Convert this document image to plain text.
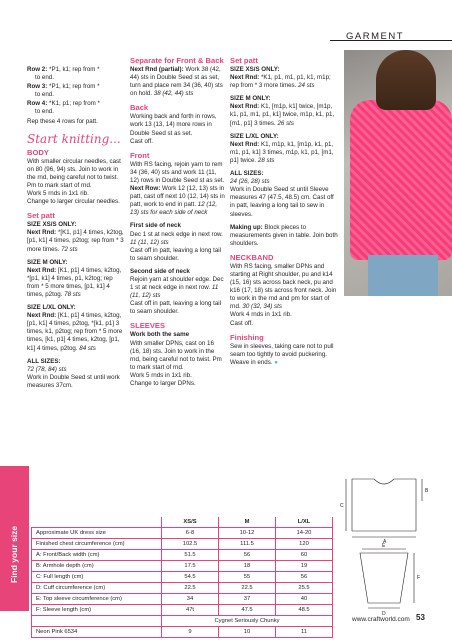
GARMENT

Row 2: *P1, k1; rep from *
to end.

Row 3: *P1, k1; rep from *
to end.

Row 4: *K1, p1; rep from *
to end.

Rep these 4 rows for patt.

Start knitting...
BODY

With smaller circular needles, cast on 80 (96, 94) sts. Join to work in the rnd, being careful not to twist. Pm to mark start of rnd.

Work 5 rnds in 1x1 rib.

Change to larger circular needles.

Set patt

SIZE XS/S ONLY:
Next Rnd: *[K1, p1] 4 times, k2tog, [p1, k1] 4 times, p2tog; rep from * 3 more times. 72 sts

SIZE M ONLY:
Next Rnd: [K1, p1] 4 times, k2tog, *[p1, k1] 4 times, p1, k2tog; rep from * 5 more times, [p1, k1] 4 times, p2tog. 78 sts

SIZE L/XL ONLY:
Next Rnd: [K1, p1] 4 times, k2tog, [p1, k1] 4 times, p2tog, *[k1, p1] 3 times, k1, p2tog; rep from * 5 more times, [k1, p1] 4 times, k2tog, [p1, k1] 4 times, p2tog. 84 sts

ALL SIZES:
72 (78, 84) sts
Work in Double Seed st until work measures 37cm.

Separate for Front & Back

Next Rnd (partial): Work 38 (42, 44) sts in Double Seed st as set, turn and place rem 34 (36, 40) sts on hold. 38 (42, 44) sts

Back

Working back and forth in rows, work 13 (13, 14) more rows in Double Seed st as set.

Cast off.

Front

With RS facing, rejoin yarn to rem 34 (36, 40) sts and work 11 (11, 12) rows in Double Seed st as set.

Next Row: Work 12 (12, 13) sts in patt, cast off next 10 (12, 14) sts in patt, work to end in patt. 12 (12, 13) sts for each side of neck

First side of neck
Dec 1 st at neck edge in next row. 11 (11, 12) sts
Cast off in patt, leaving a long tail to seam shoulder.

Second side of neck
Rejoin yarn at shoulder edge. Dec 1 st at neck edge in next row. 11 (11, 12) sts
Cast off in patt, leaving a long tail to seam shoulder.

SLEEVES

Work both the same

With smaller DPNs, cast on 16 (16, 18) sts. Join to work in the rnd, being careful not to twist. Pm to mark start of rnd.

Work 5 rnds in 1x1 rib.

Change to larger DPNs.

Set patt

SIZE XS/S ONLY:
Next Rnd: *K1, p1, m1, p1, k1, m1p; rep from * 3 more times. 24 sts

SIZE M ONLY:
Next Rnd: K1, [m1p, k1] twice, [m1p, k1, p1, m1, p1, k1] twice, m1p, k1, p1, [m1, p1] 3 times. 26 sts

SIZE L/XL ONLY:
Next Rnd: K1, m1p, k1, [m1p, k1, p1, m1, p1, k1] 3 times, m1p, k1, p1, [m1, p1] twice. 28 sts

ALL SIZES:
24 (26, 28) sts
Work in Double Seed st until Sleeve measures 47 (47.5, 48.5) cm. Cast off in patt, leaving a long tail to sew in sleeves.

Making up: Block pieces to measurements given in table. Join both shoulders.

NECKBAND

With RS facing, smaller DPNs and starting at Right shoulder, pu and k14 (15, 16) sts across back neck, pu and k16 (17, 18) sts across front neck. Join to work in the rnd and pm for start of rnd. 30 (32, 34) sts

Work 4 rnds in 1x1 rib.

Cast off.

Finishing

Sew in sleeves, taking care not to pull seam too tightly to avoid puckering. Weave in ends. ●

Find your size
	XS/S	M	L/XL
Approximate UK dress size	6-8	10-12	14-20
Finished chest circumference (cm)	102.5	111.5	120
A: Front/Back width (cm)	51.5	56	60
B: Armhole depth (cm)	17.5	18	19
C: Full length (cm)	54.5	55	56
D: Cuff circumference (cm)	22.5	22.5	25.5
E: Top sleeve circumference (cm)	34	37	40
F: Sleeve length (cm)	47t	47.5	48.5
	Cygnet Seriously Chunky		
Neon Pink 6534	9	10	11
A
B
C
D
E
F
www.craftworld.com 53
